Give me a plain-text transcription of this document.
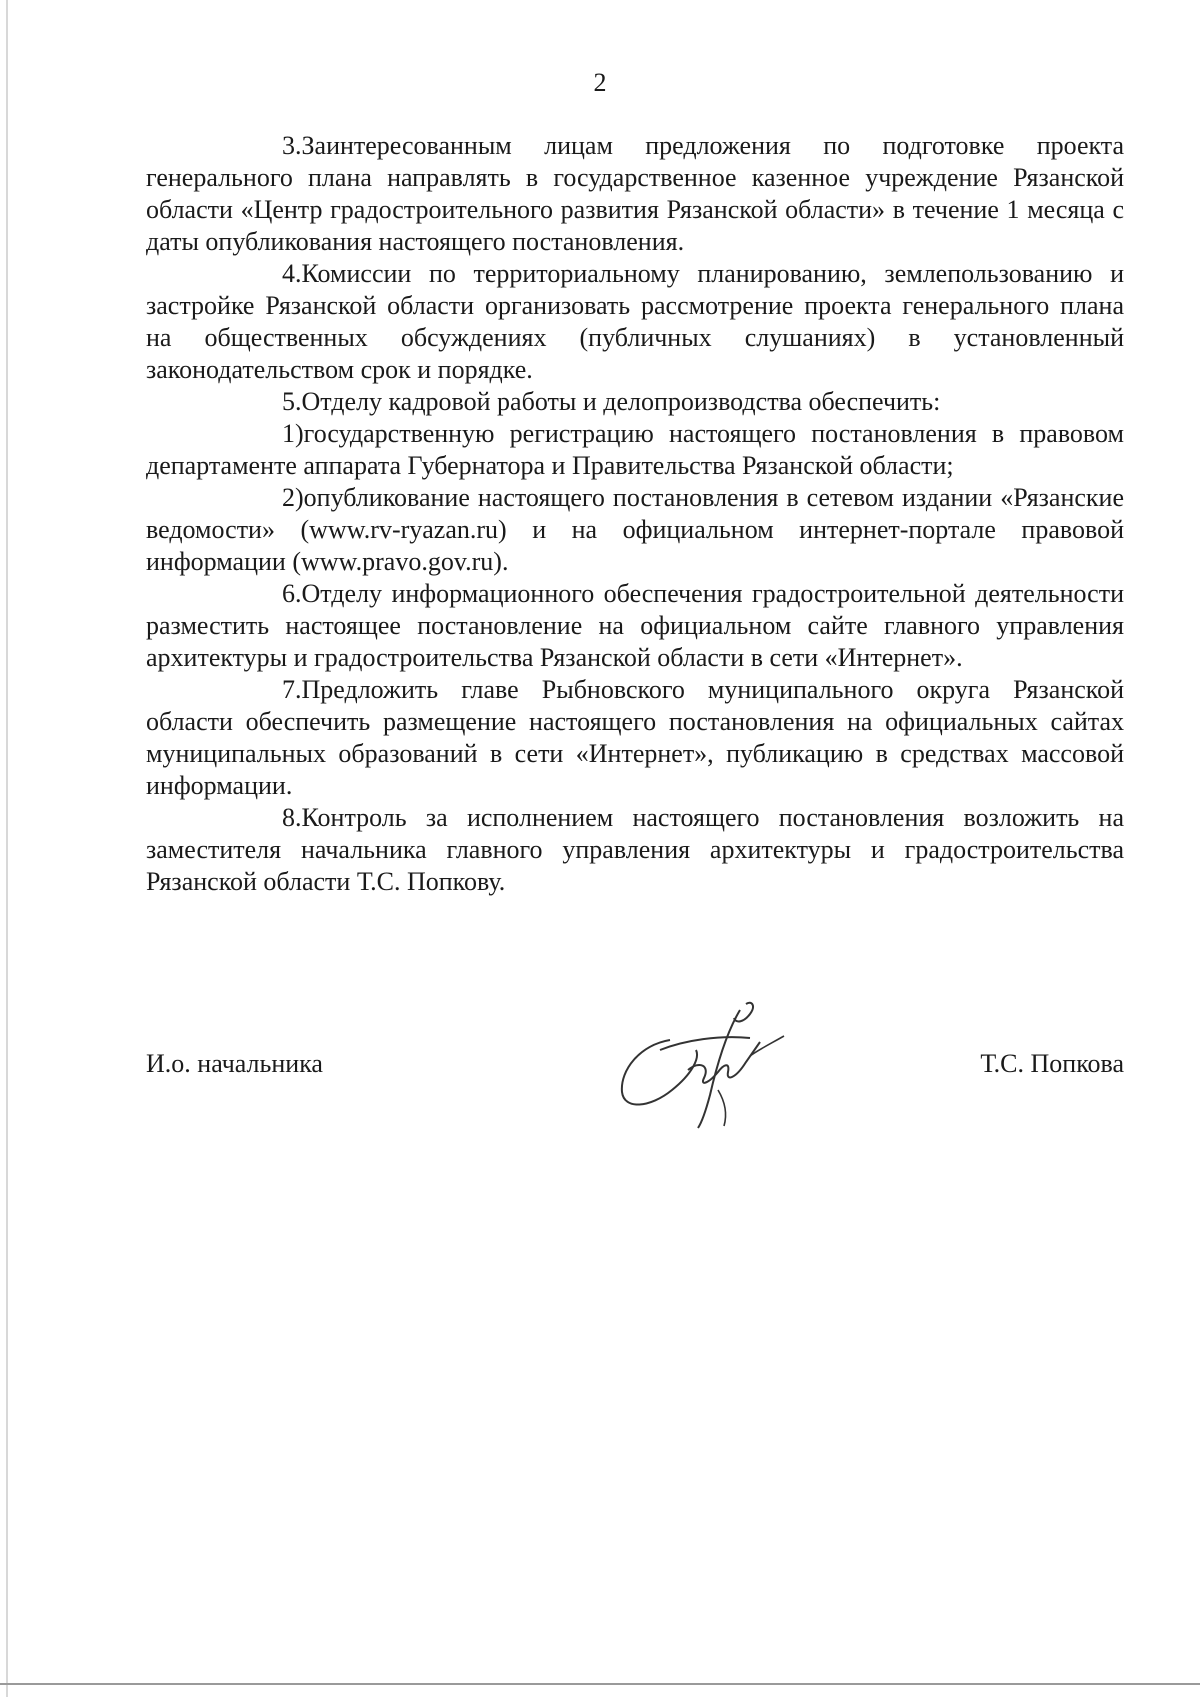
2

3.Заинтересованным лицам предложения по подготовке проекта генерального плана направлять в государственное казенное учреждение Рязанской области «Центр градостроительного развития Рязанской области» в течение 1 месяца с даты опубликования настоящего постановления.

4.Комиссии по территориальному планированию, землепользованию и застройке Рязанской области организовать рассмотрение проекта генерального плана на общественных обсуждениях (публичных слушаниях) в установленный законодательством срок и порядке.

5.Отделу кадровой работы и делопроизводства обеспечить:

1)государственную регистрацию настоящего постановления в правовом департаменте аппарата Губернатора и Правительства Рязанской области;

2)опубликование настоящего постановления в сетевом издании «Рязанские ведомости» (www.rv-ryazan.ru) и на официальном интернет-портале правовой информации (www.pravo.gov.ru).

6.Отделу информационного обеспечения градостроительной деятельности разместить настоящее постановление на официальном сайте главного управления архитектуры и градостроительства Рязанской области в сети «Интернет».

7.Предложить главе Рыбновского муниципального округа Рязанской области обеспечить размещение настоящего постановления на официальных сайтах муниципальных образований в сети «Интернет», публикацию в средствах массовой информации.

8.Контроль за исполнением настоящего постановления возложить на заместителя начальника главного управления архитектуры и градостроительства Рязанской области Т.С. Попкову.

И.о. начальника	Т.С. Попкова
